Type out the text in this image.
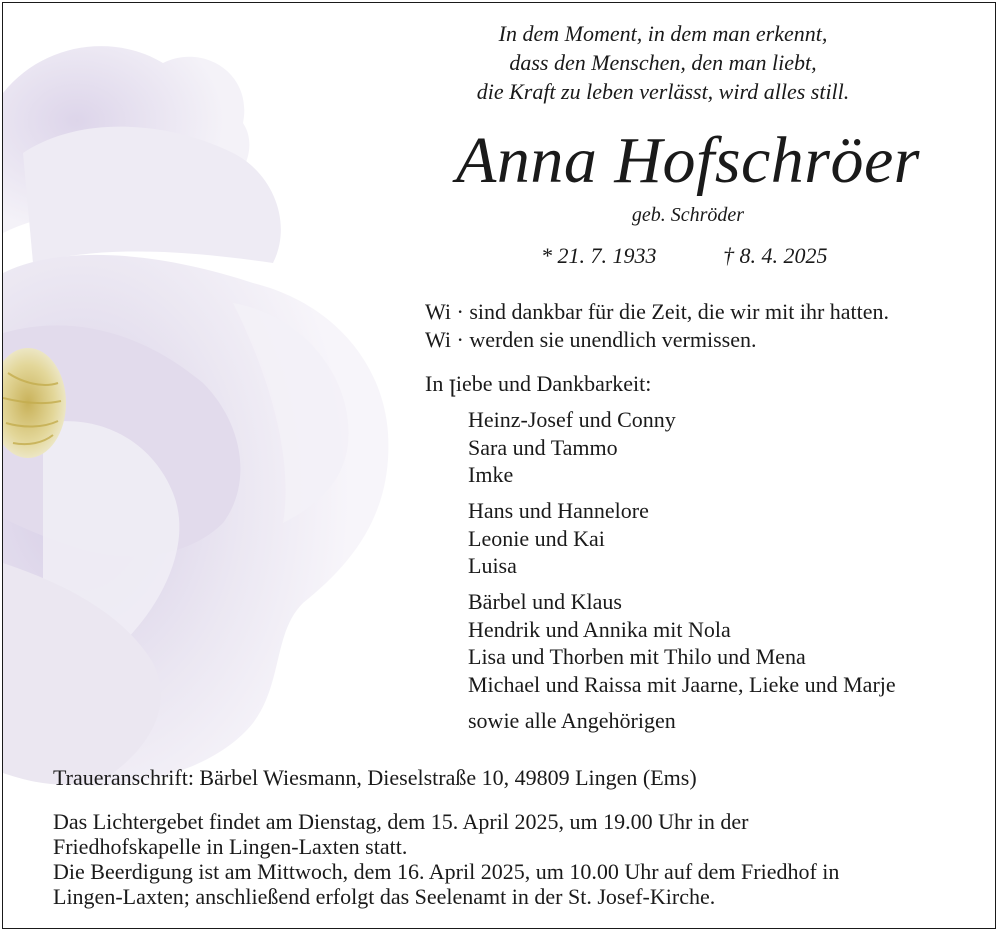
In dem Moment, in dem man erkennt,
dass den Menschen, den man liebt,
die Kraft zu leben verlässt, wird alles still.
Anna Hofschröer
geb. Schröder
* 21. 7. 1933	† 8. 4. 2025
Wi · sind dankbar für die Zeit, die wir mit ihr hatten.
Wi · werden sie unendlich vermissen.
In ꞁiebe und Dankbarkeit:
Heinz-Josef und Conny
Sara und Tammo
Imke
Hans und Hannelore
Leonie und Kai
Luisa
Bärbel und Klaus
Hendrik und Annika mit Nola
Lisa und Thorben mit Thilo und Mena
Michael und Raissa mit Jaarne, Lieke und Marje
sowie alle Angehörigen
Traueranschrift: Bärbel Wiesmann, Dieselstraße 10, 49809 Lingen (Ems)
Das Lichtergebet findet am Dienstag, dem 15. April 2025, um 19.00 Uhr in der
Friedhofskapelle in Lingen-Laxten statt.
Die Beerdigung ist am Mittwoch, dem 16. April 2025, um 10.00 Uhr auf dem Friedhof in
Lingen-Laxten; anschließend erfolgt das Seelenamt in der St. Josef-Kirche.
